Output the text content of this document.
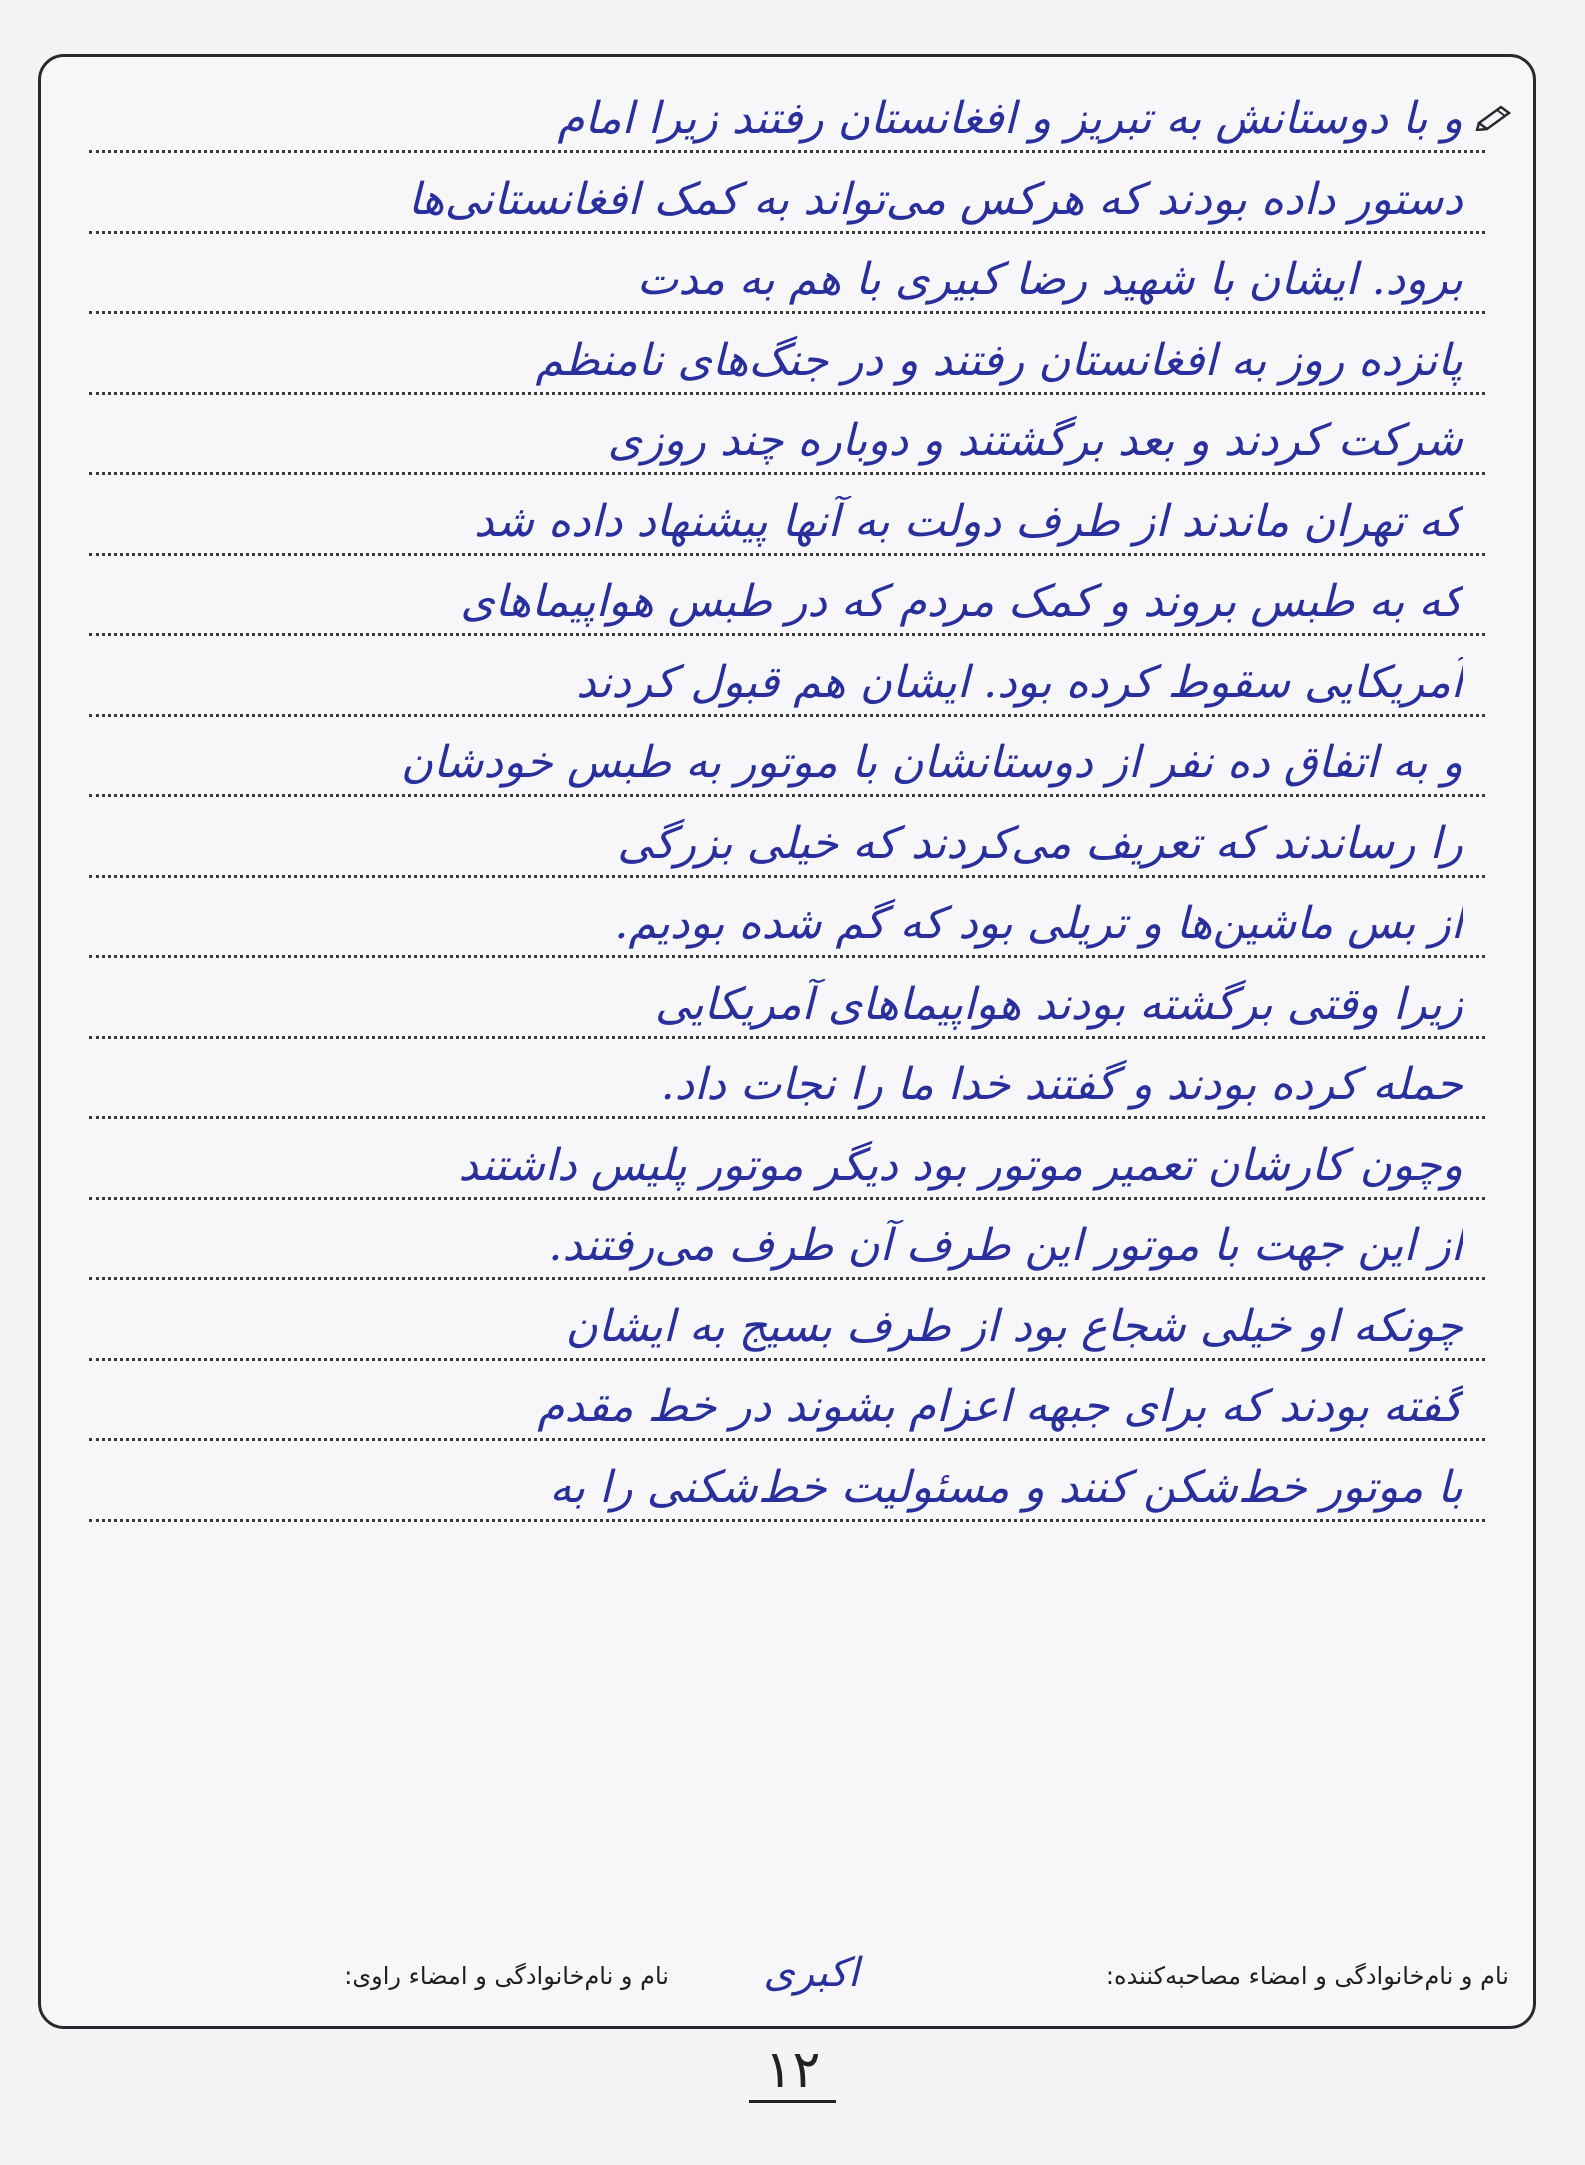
و با دوستانش به تبریز و افغانستان رفتند زیرا امام
دستور داده بودند که هرکس می‌تواند به کمک افغانستانی‌ها
برود. ایشان با شهید رضا کبیری با هم به مدت
پانزده روز به افغانستان رفتند و در جنگ‌های نامنظم
شرکت کردند و بعد برگشتند و دوباره چند روزی
که تهران ماندند از طرف دولت به آنها پیشنهاد داده شد
که به طبس بروند و کمک مردم که در طبس هواپیماهای
آمریکایی سقوط کرده بود. ایشان هم قبول کردند
و به اتفاق ده نفر از دوستانشان با موتور به طبس خودشان
را رساندند که تعریف می‌کردند که خیلی بزرگی
از بس ماشین‌ها و تریلی بود که گم شده بودیم.
زیرا وقتی برگشته بودند هواپیماهای آمریکایی
حمله کرده بودند و گفتند خدا ما را نجات داد.
وچون کارشان تعمیر موتور بود دیگر موتور پلیس داشتند
از این جهت با موتور این طرف آن طرف می‌رفتند.
چونکه او خیلی شجاع بود از طرف بسیج به ایشان
گفته بودند که برای جبهه اعزام بشوند در خط مقدم
با موتور خط‌شکن کنند و مسئولیت خط‌شکنی را به
نام و نام‌خانوادگی و امضاء مصاحبه‌کننده:
اکبری
نام و نام‌خانوادگی و امضاء راوی:
۱۲
